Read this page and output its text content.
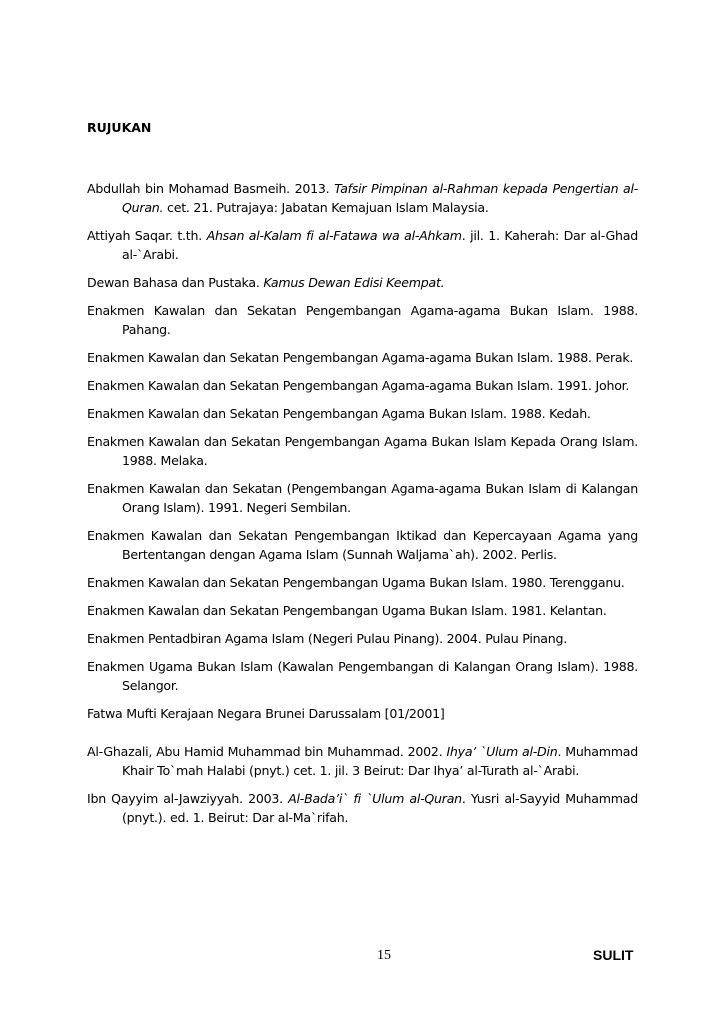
RUJUKAN
Abdullah bin Mohamad Basmeih. 2013. Tafsir Pimpinan al-Rahman kepada Pengertian al-Quran. cet. 21. Putrajaya: Jabatan Kemajuan Islam Malaysia.
Attiyah Saqar. t.th. Ahsan al-Kalam fi al-Fatawa wa al-Ahkam. jil. 1. Kaherah: Dar al-Ghad al-`Arabi.
Dewan Bahasa dan Pustaka. Kamus Dewan Edisi Keempat.
Enakmen Kawalan dan Sekatan Pengembangan Agama-agama Bukan Islam. 1988. Pahang.
Enakmen Kawalan dan Sekatan Pengembangan Agama-agama Bukan Islam. 1988. Perak.
Enakmen Kawalan dan Sekatan Pengembangan Agama-agama Bukan Islam. 1991. Johor.
Enakmen Kawalan dan Sekatan Pengembangan Agama Bukan Islam. 1988. Kedah.
Enakmen Kawalan dan Sekatan Pengembangan Agama Bukan Islam Kepada Orang Islam. 1988. Melaka.
Enakmen Kawalan dan Sekatan (Pengembangan Agama-agama Bukan Islam di Kalangan Orang Islam). 1991. Negeri Sembilan.
Enakmen Kawalan dan Sekatan Pengembangan Iktikad dan Kepercayaan Agama yang Bertentangan dengan Agama Islam (Sunnah Waljama`ah). 2002. Perlis.
Enakmen Kawalan dan Sekatan Pengembangan Ugama Bukan Islam. 1980. Terengganu.
Enakmen Kawalan dan Sekatan Pengembangan Ugama Bukan Islam. 1981. Kelantan.
Enakmen Pentadbiran Agama Islam (Negeri Pulau Pinang). 2004. Pulau Pinang.
Enakmen Ugama Bukan Islam (Kawalan Pengembangan di Kalangan Orang Islam). 1988. Selangor.
Fatwa Mufti Kerajaan Negara Brunei Darussalam [01/2001]
Al-Ghazali, Abu Hamid Muhammad bin Muhammad. 2002. Ihya’ `Ulum al-Din. Muhammad Khair To`mah Halabi (pnyt.) cet. 1. jil. 3 Beirut: Dar Ihya’ al-Turath al-`Arabi.
Ibn Qayyim al-Jawziyyah. 2003. Al-Bada’i` fi `Ulum al-Quran. Yusri al-Sayyid Muhammad (pnyt.). ed. 1. Beirut: Dar al-Ma`rifah.
15	SULIT
